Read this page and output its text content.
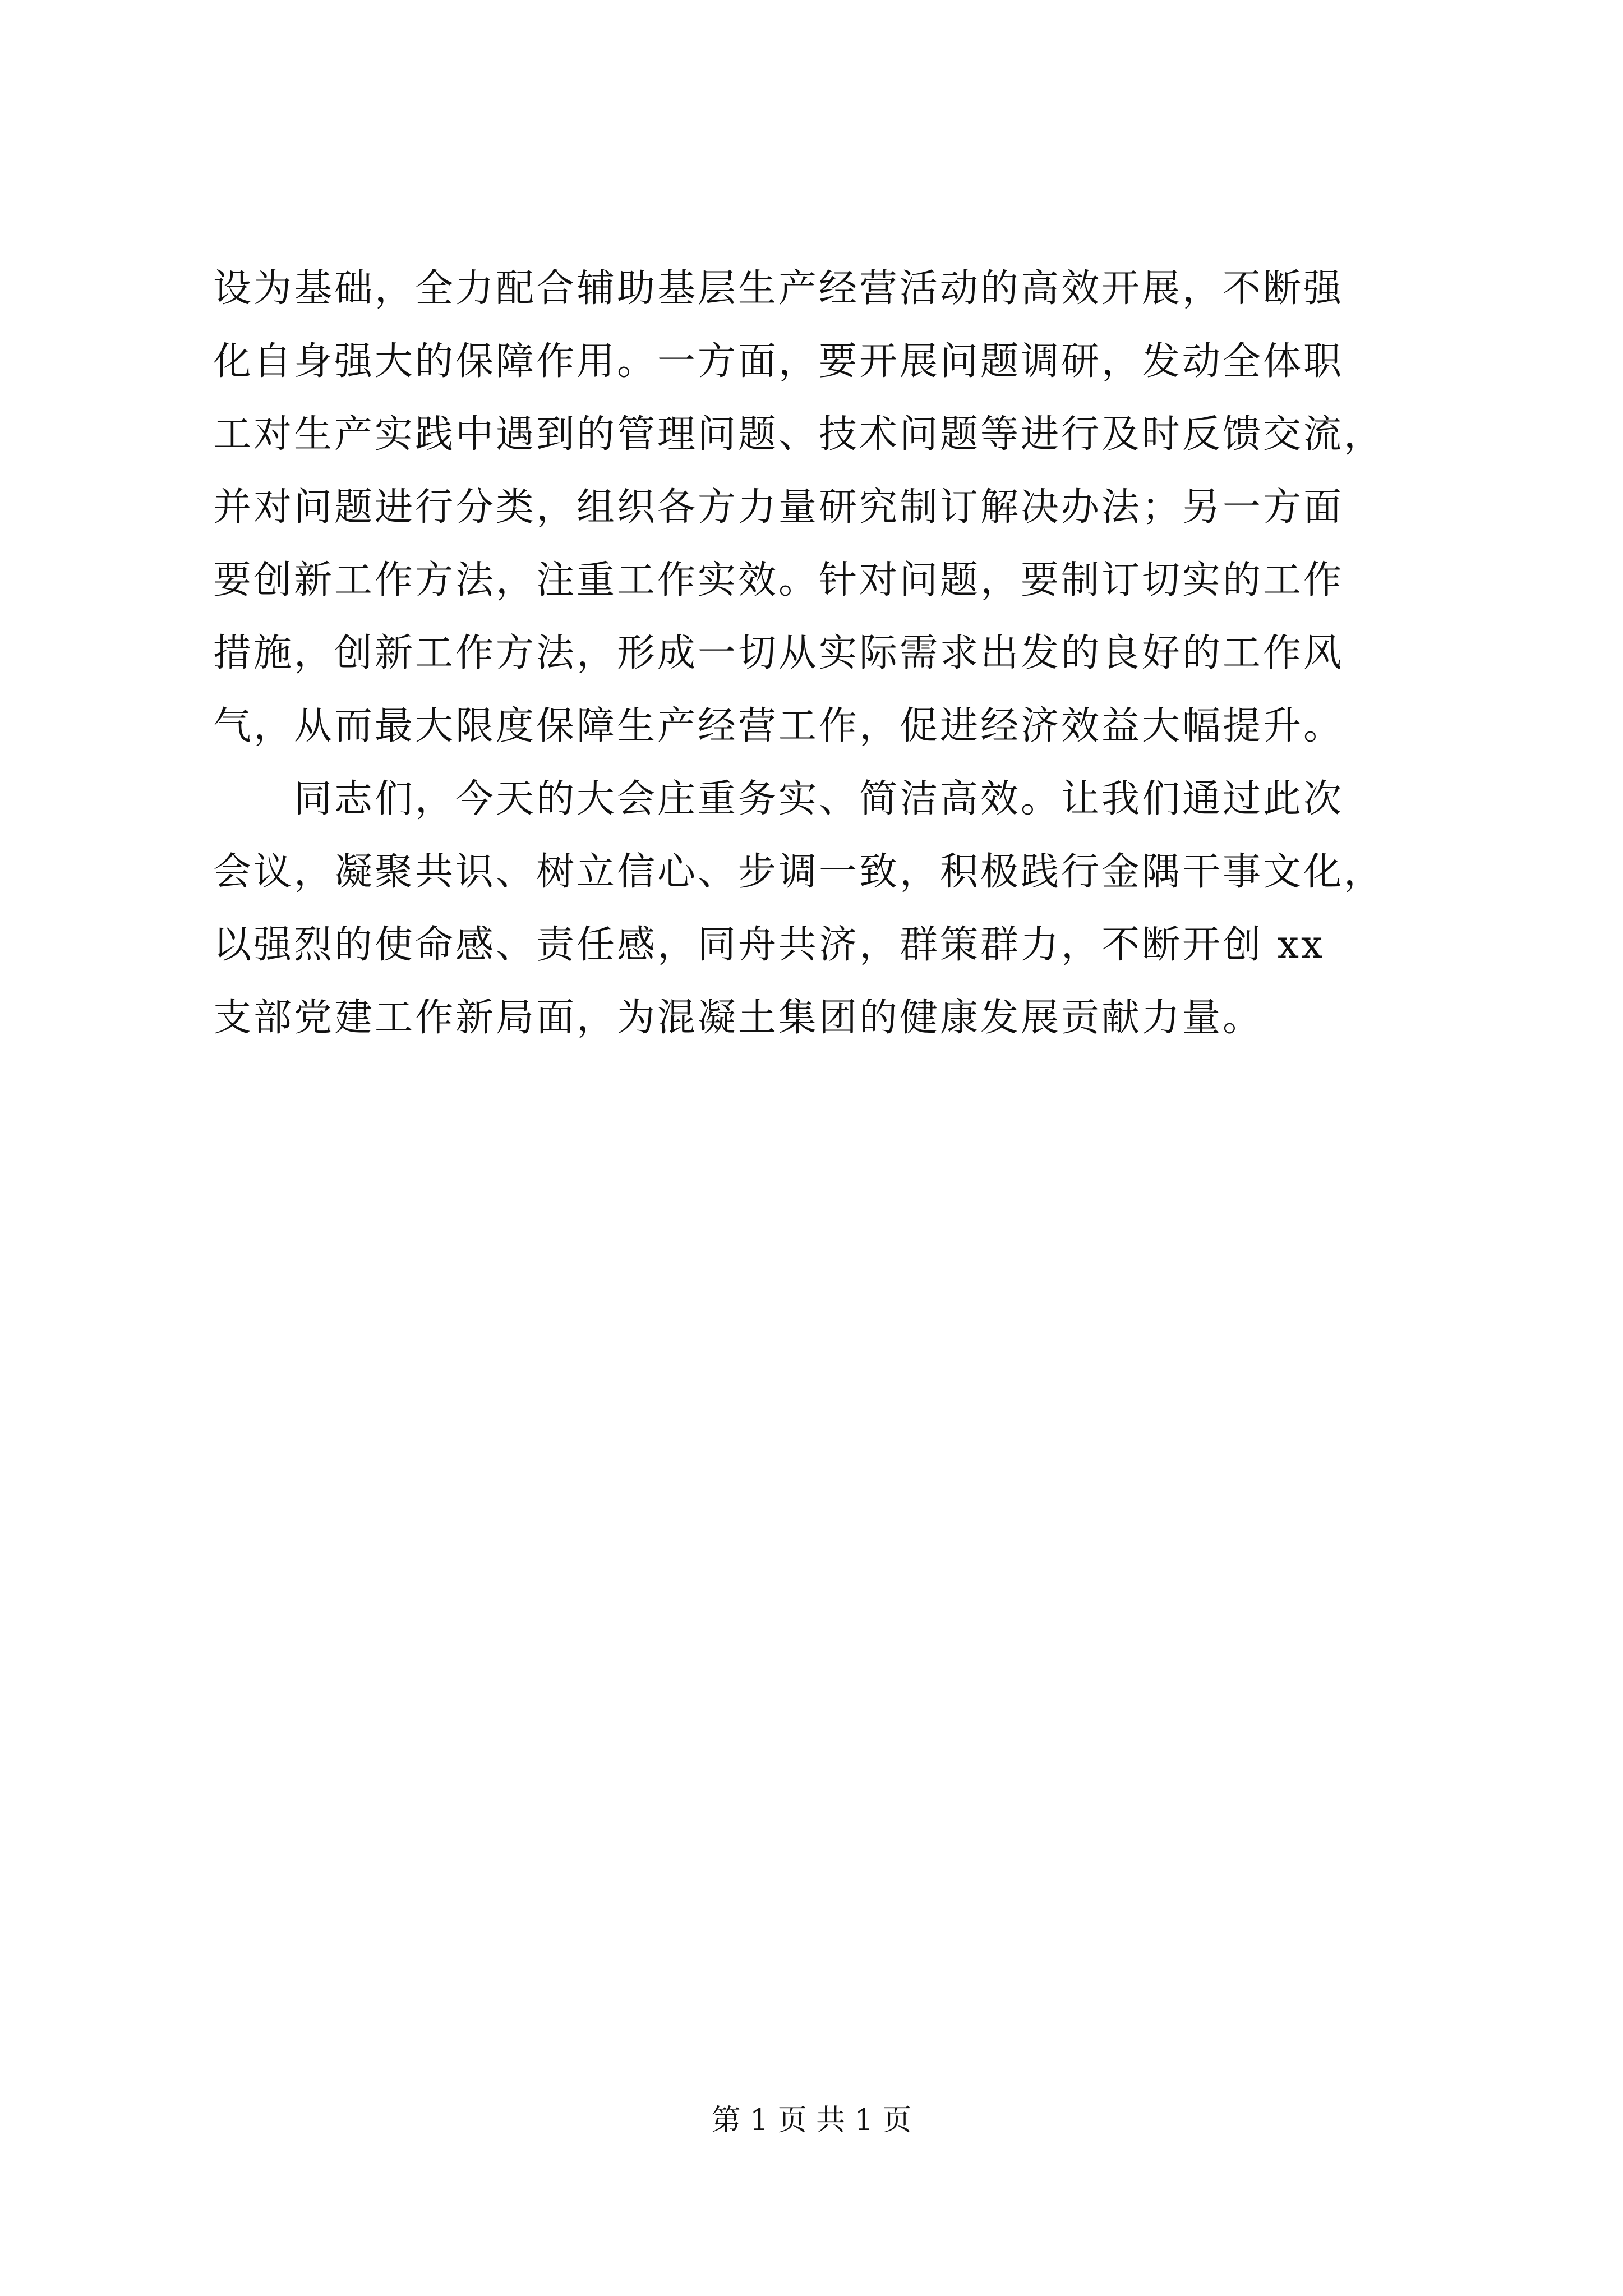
设为基础，全力配合辅助基层生产经营活动的高效开展，不断强
化自身强大的保障作用。一方面，要开展问题调研，发动全体职
工对生产实践中遇到的管理问题、技术问题等进行及时反馈交流，
并对问题进行分类，组织各方力量研究制订解决办法；另一方面
要创新工作方法，注重工作实效。针对问题，要制订切实的工作
措施，创新工作方法，形成一切从实际需求出发的良好的工作风
气，从而最大限度保障生产经营工作，促进经济效益大幅提升。
　　同志们，今天的大会庄重务实、简洁高效。让我们通过此次
会议，凝聚共识、树立信心、步调一致，积极践行金隅干事文化，
以强烈的使命感、责任感，同舟共济，群策群力，不断开创 xx
支部党建工作新局面，为混凝土集团的健康发展贡献力量。
第 1 页 共 1 页
